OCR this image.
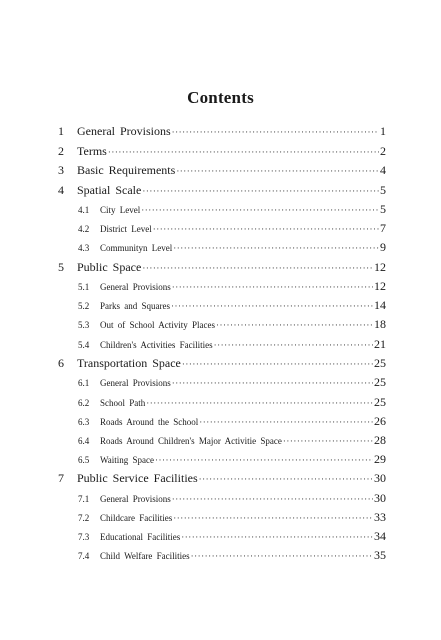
Contents
1	General Provisions ·····	1
2	Terms ·····	2
3	Basic Requirements ·····	4
4	Spatial Scale ·····	5
4.1	City Level ·····	5
4.2	District Level ·····	7
4.3	Communityn Level ·····	9
5	Public Space ·····	12
5.1	General Provisions ·····	12
5.2	Parks and Squares ·····	14
5.3	Out of School Activity Places ·····	18
5.4	Children's Activities Facilities ·····	21
6	Transportation Space ·····	25
6.1	General Provisions ·····	25
6.2	School Path ·····	25
6.3	Roads Around the School ·····	26
6.4	Roads Around Children's Major Activitie Space ·····	28
6.5	Waiting Space ·····	29
7	Public Service Facilities ·····	30
7.1	General Provisions ·····	30
7.2	Childcare Facilities ·····	33
7.3	Educational Facilities ·····	34
7.4	Child Welfare Facilities ·····	35
